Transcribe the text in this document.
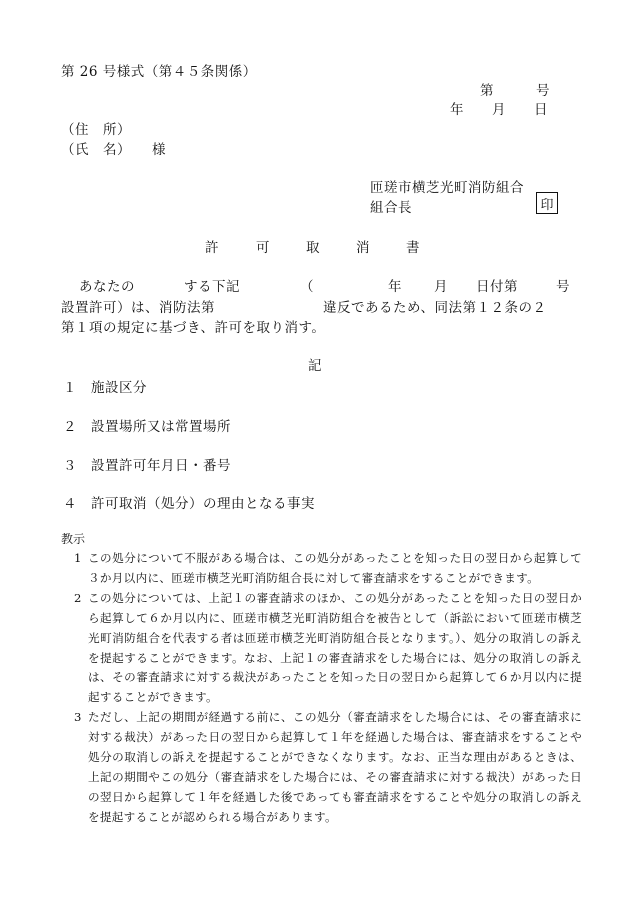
第 26 号様式（第４５条関係）
第　　　号
年　　月　　日
（住　所）
（氏　名） 様
匝瑳市横芝光町消防組合
組合長	印
許	可	取	消	書
あなたの	する下記	（	年 月 日付第	号
設置許可）は、消防法第	違反であるため、同法第１２条の２
第１項の規定に基づき、許可を取り消す。
記
１ 施設区分
２ 設置場所又は常置場所
３ 設置許可年月日・番号
４ 許可取消（処分）の理由となる事実
教示
1 この処分について不服がある場合は、この処分があったことを知った日の翌日から起算して３か月以内に、匝瑳市横芝光町消防組合長に対して審査請求をすることができます。
2 この処分については、上記１の審査請求のほか、この処分があったことを知った日の翌日から起算して６か月以内に、匝瑳市横芝光町消防組合を被告として（訴訟において匝瑳市横芝光町消防組合を代表する者は匝瑳市横芝光町消防組合長となります。）、処分の取消しの訴えを提起することができます。なお、上記１の審査請求をした場合には、処分の取消しの訴えは、その審査請求に対する裁決があったことを知った日の翌日から起算して６か月以内に提起することができます。
3 ただし、上記の期間が経過する前に、この処分（審査請求をした場合には、その審査請求に対する裁決）があった日の翌日から起算して１年を経過した場合は、審査請求をすることや処分の取消しの訴えを提起することができなくなります。なお、正当な理由があるときは、上記の期間やこの処分（審査請求をした場合には、その審査請求に対する裁決）があった日の翌日から起算して１年を経過した後であっても審査請求をすることや処分の取消しの訴えを提起することが認められる場合があります。
